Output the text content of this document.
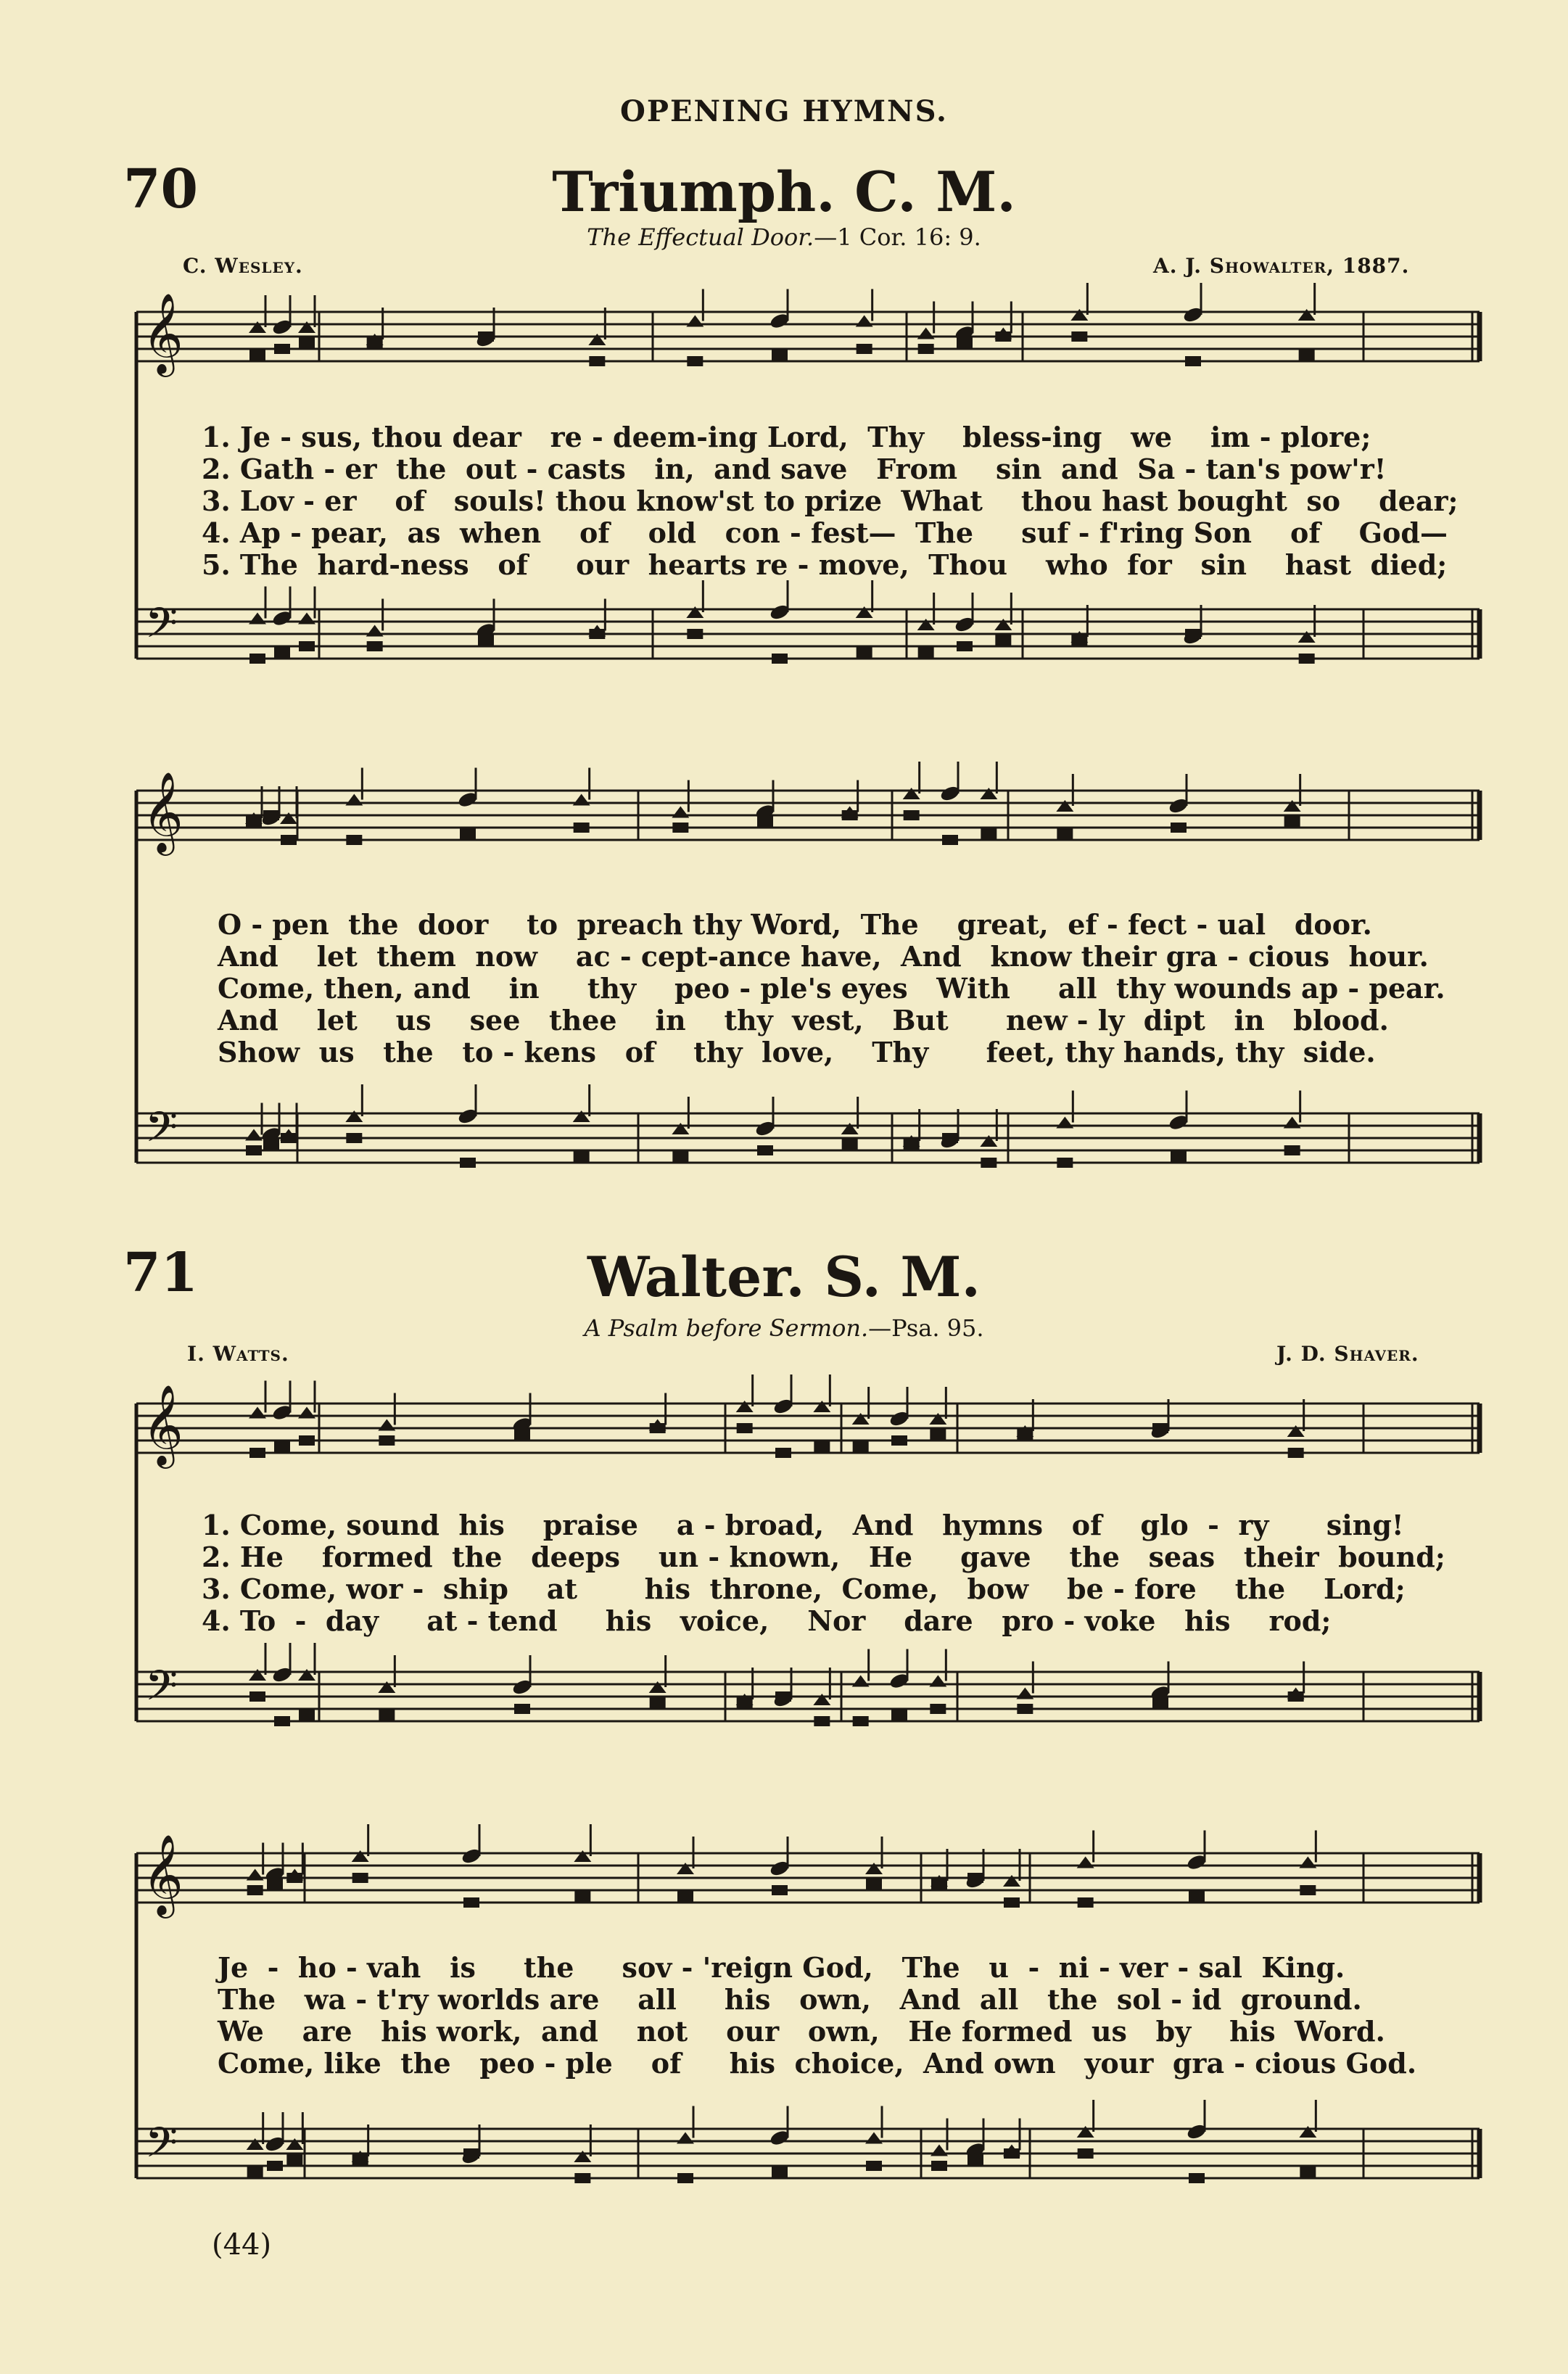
OPENING HYMNS.
70	Triumph. C. M.
The Effectual Door.—1 Cor. 16: 9.
C. Wesley.	A. J. Showalter, 1887.
1. Je - sus, thou dear   re - deem-ing Lord,  Thy    bless-ing   we    im - plore;
2. Gath - er  the  out - casts   in,  and save   From    sin  and  Sa - tan's pow'r!
3. Lov - er    of   souls! thou know'st to prize  What    thou hast bought  so    dear;
4. Ap - pear,  as  when    of    old   con - fest—  The     suf - f'ring Son    of    God—
5. The  hard-ness   of     our  hearts re - move,  Thou    who  for   sin    hast  died;
O - pen  the  door    to  preach thy Word,  The    great,  ef - fect - ual   door.
And    let  them  now    ac - cept-ance have,  And   know their gra - cious  hour.
Come, then, and    in     thy    peo - ple's eyes   With     all  thy wounds ap - pear.
And    let    us    see   thee    in    thy  vest,   But      new - ly  dipt   in   blood.
Show  us   the   to - kens   of    thy  love,    Thy      feet, thy hands, thy  side.
71	Walter. S. M.
A Psalm before Sermon.—Psa. 95.
I. Watts.	J. D. Shaver.
1. Come, sound  his    praise    a - broad,   And   hymns   of    glo  -  ry      sing!
2. He    formed  the   deeps    un - known,   He     gave    the   seas   their  bound;
3. Come, wor -  ship    at       his  throne,  Come,   bow    be - fore    the    Lord;
4. To  -  day     at - tend     his   voice,    Nor    dare   pro - voke   his    rod;
Je  -  ho - vah   is     the     sov - 'reign God,   The   u  -  ni - ver - sal  King.
The   wa - t'ry worlds are    all     his   own,   And  all   the  sol - id  ground.
We    are   his work,  and    not    our   own,   He formed  us   by    his  Word.
Come, like  the   peo - ple    of     his  choice,  And own   your  gra - cious God.
(44)
𝄞
𝄢
𝄞
𝄢
𝄞
𝄢
𝄞
𝄢
